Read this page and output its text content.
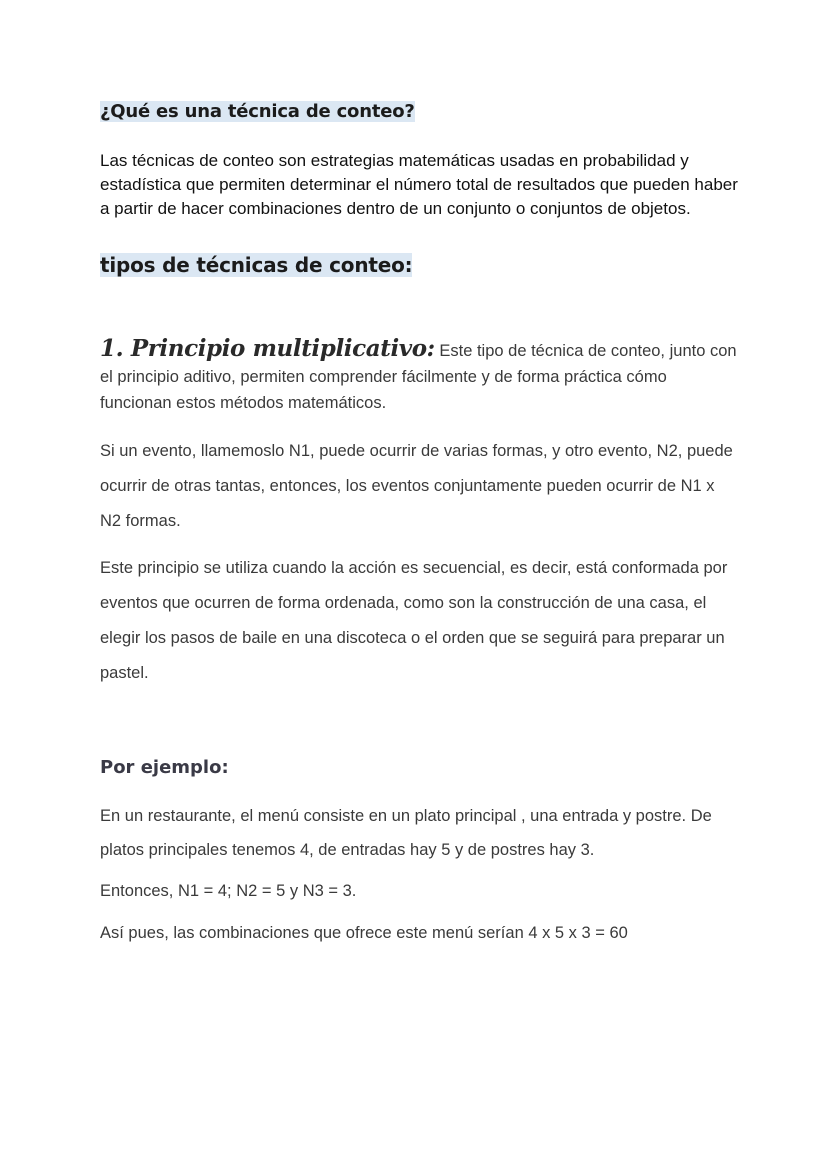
¿Qué es una técnica de conteo?

Las técnicas de conteo son estrategias matemáticas usadas en probabilidad y estadística que permiten determinar el número total de resultados que pueden haber a partir de hacer combinaciones dentro de un conjunto o conjuntos de objetos.

tipos de técnicas de conteo:

1. Principio multiplicativo: Este tipo de técnica de conteo, junto con el principio aditivo, permiten comprender fácilmente y de forma práctica cómo funcionan estos métodos matemáticos.

Si un evento, llamemoslo N1, puede ocurrir de varias formas, y otro evento, N2, puede ocurrir de otras tantas, entonces, los eventos conjuntamente pueden ocurrir de N1 x N2 formas.

Este principio se utiliza cuando la acción es secuencial, es decir, está conformada por eventos que ocurren de forma ordenada, como son la construcción de una casa, el elegir los pasos de baile en una discoteca o el orden que se seguirá para preparar un pastel.

Por ejemplo:

En un restaurante, el menú consiste en un plato principal , una entrada y postre. De platos principales tenemos 4, de entradas hay 5 y de postres hay 3.

Entonces, N1 = 4; N2 = 5 y N3 = 3.

Así pues, las combinaciones que ofrece este menú serían 4 x 5 x 3 = 60
